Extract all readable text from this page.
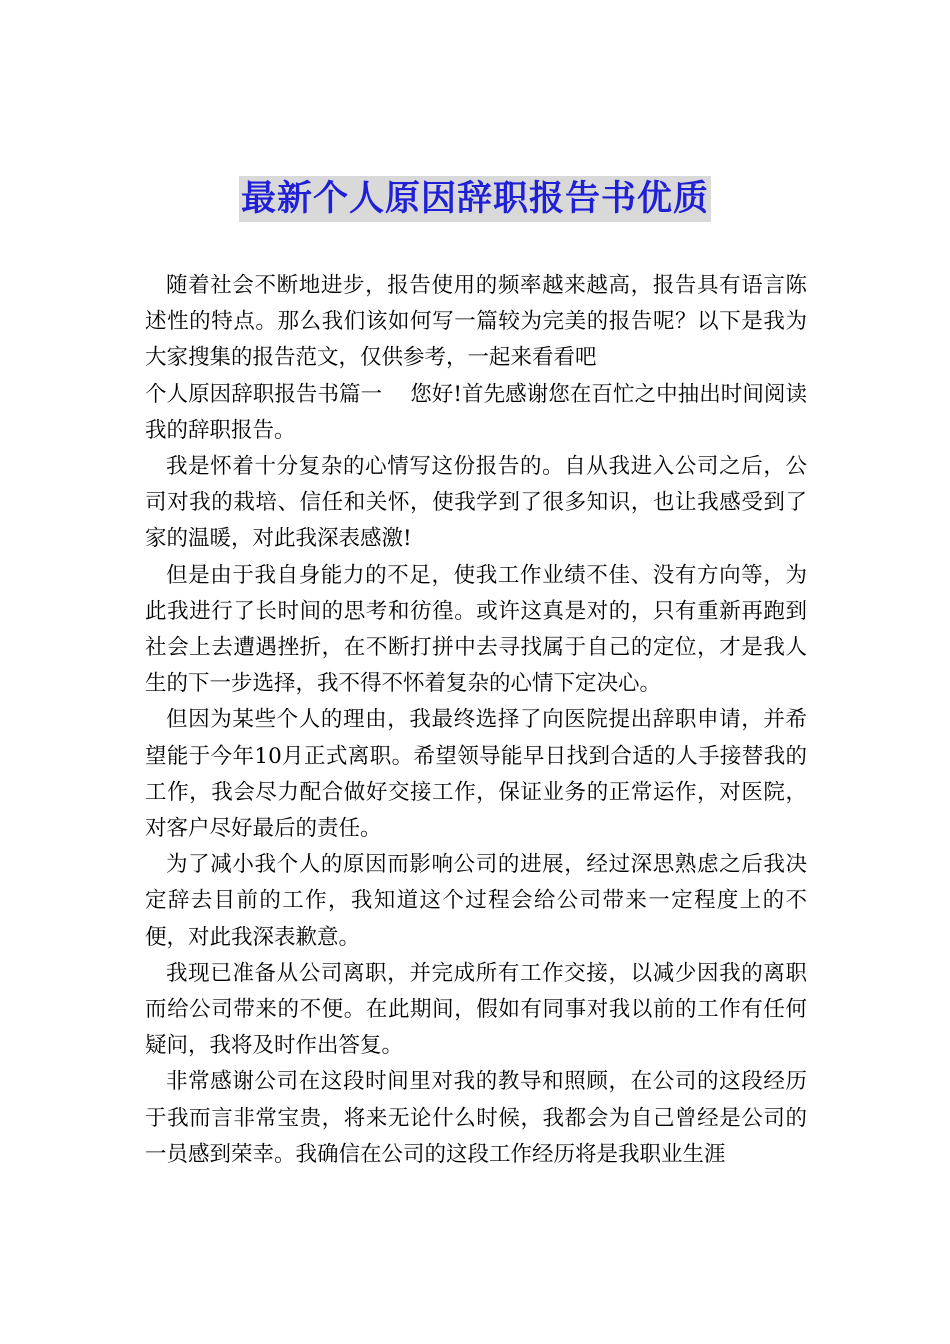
最新个人原因辞职报告书优质

随着社会不断地进步，报告使用的频率越来越高，报告具有语言陈述性的特点。那么我们该如何写一篇较为完美的报告呢？以下是我为大家搜集的报告范文，仅供参考，一起来看看吧

个人原因辞职报告书篇一 您好!首先感谢您在百忙之中抽出时间阅读我的辞职报告。

我是怀着十分复杂的心情写这份报告的。自从我进入公司之后，公司对我的栽培、信任和关怀，使我学到了很多知识，也让我感受到了家的温暖，对此我深表感激!

但是由于我自身能力的不足，使我工作业绩不佳、没有方向等，为此我进行了长时间的思考和彷徨。或许这真是对的，只有重新再跑到社会上去遭遇挫折，在不断打拼中去寻找属于自己的定位，才是我人生的下一步选择，我不得不怀着复杂的心情下定决心。

但因为某些个人的理由，我最终选择了向医院提出辞职申请，并希望能于今年10月正式离职。希望领导能早日找到合适的人手接替我的工作，我会尽力配合做好交接工作，保证业务的正常运作，对医院，对客户尽好最后的责任。

为了减小我个人的原因而影响公司的进展，经过深思熟虑之后我决定辞去目前的工作，我知道这个过程会给公司带来一定程度上的不便，对此我深表歉意。

我现已准备从公司离职，并完成所有工作交接，以减少因我的离职而给公司带来的不便。在此期间，假如有同事对我以前的工作有任何疑问，我将及时作出答复。

非常感谢公司在这段时间里对我的教导和照顾，在公司的这段经历于我而言非常宝贵，将来无论什么时候，我都会为自己曾经是公司的一员感到荣幸。我确信在公司的这段工作经历将是我职业生涯
